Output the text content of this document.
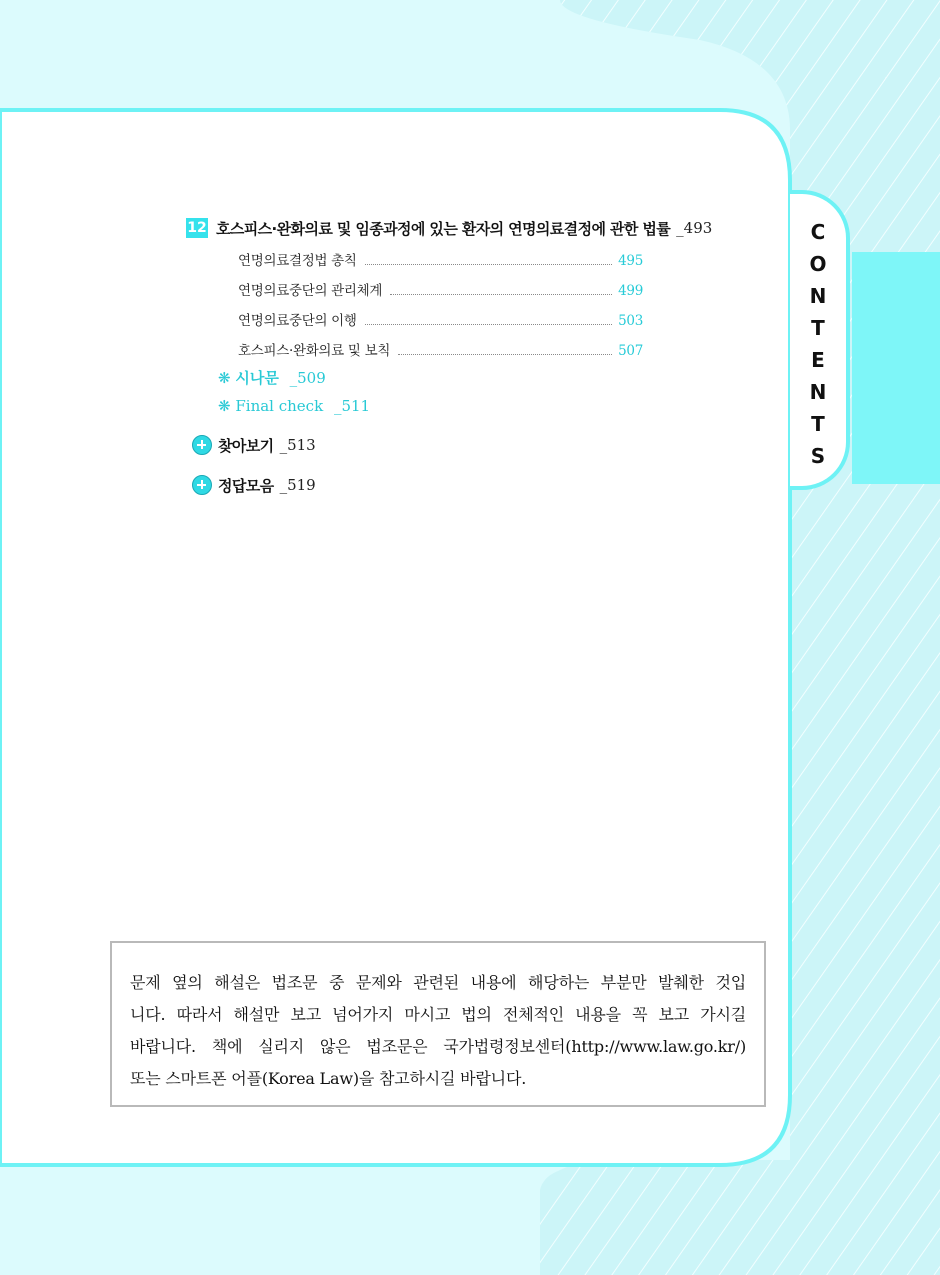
C
O
N
T
E
N
T
S
12 호스피스·완화의료 및 임종과정에 있는 환자의 연명의료결정에 관한 법률 _493
연명의료결정법 총칙	495
연명의료중단의 관리체계	499
연명의료중단의 이행	503
호스피스·완화의료 및 보칙	507
❋ 시나문 _509
❋ Final check _511
찾아보기 _513
정답모음 _519
문제 옆의 해설은 법조문 중 문제와 관련된 내용에 해당하는 부분만 발췌한 것입
니다. 따라서 해설만 보고 넘어가지 마시고 법의 전체적인 내용을 꼭 보고 가시길
바랍니다. 책에 실리지 않은 법조문은 국가법령정보센터(http://www.law.go.kr/)
또는 스마트폰 어플(Korea Law)을 참고하시길 바랍니다.
